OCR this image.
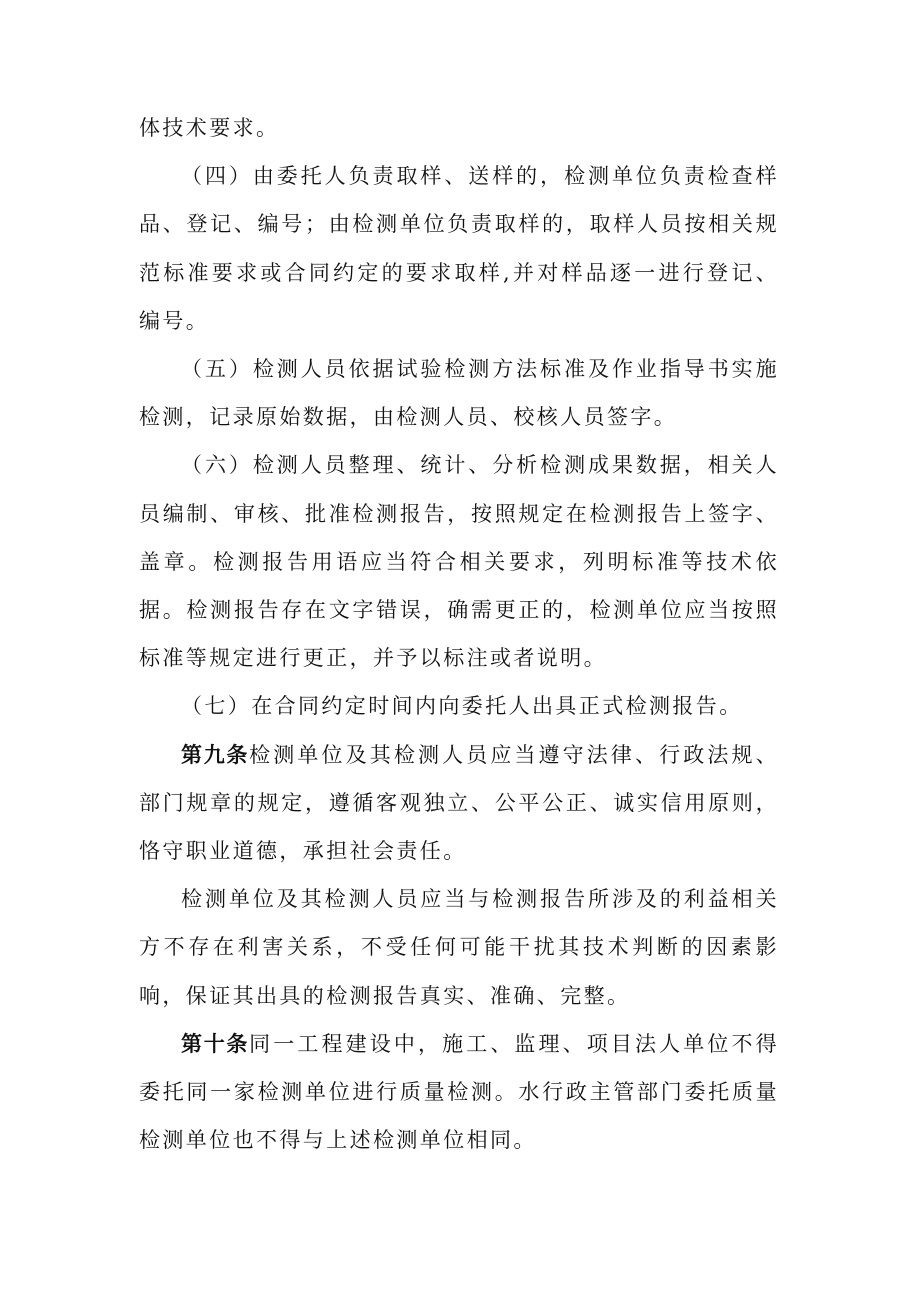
体技术要求。

（四）由委托人负责取样、送样的，检测单位负责检查样品、登记、编号；由检测单位负责取样的，取样人员按相关规范标准要求或合同约定的要求取样,并对样品逐一进行登记、编号。

（五）检测人员依据试验检测方法标准及作业指导书实施检测，记录原始数据，由检测人员、校核人员签字。

（六）检测人员整理、统计、分析检测成果数据，相关人员编制、审核、批准检测报告，按照规定在检测报告上签字、盖章。检测报告用语应当符合相关要求，列明标准等技术依据。检测报告存在文字错误，确需更正的，检测单位应当按照标准等规定进行更正，并予以标注或者说明。

（七）在合同约定时间内向委托人出具正式检测报告。

第九条检测单位及其检测人员应当遵守法律、行政法规、部门规章的规定，遵循客观独立、公平公正、诚实信用原则，恪守职业道德，承担社会责任。

检测单位及其检测人员应当与检测报告所涉及的利益相关方不存在利害关系，不受任何可能干扰其技术判断的因素影响，保证其出具的检测报告真实、准确、完整。

第十条同一工程建设中，施工、监理、项目法人单位不得委托同一家检测单位进行质量检测。水行政主管部门委托质量检测单位也不得与上述检测单位相同。
